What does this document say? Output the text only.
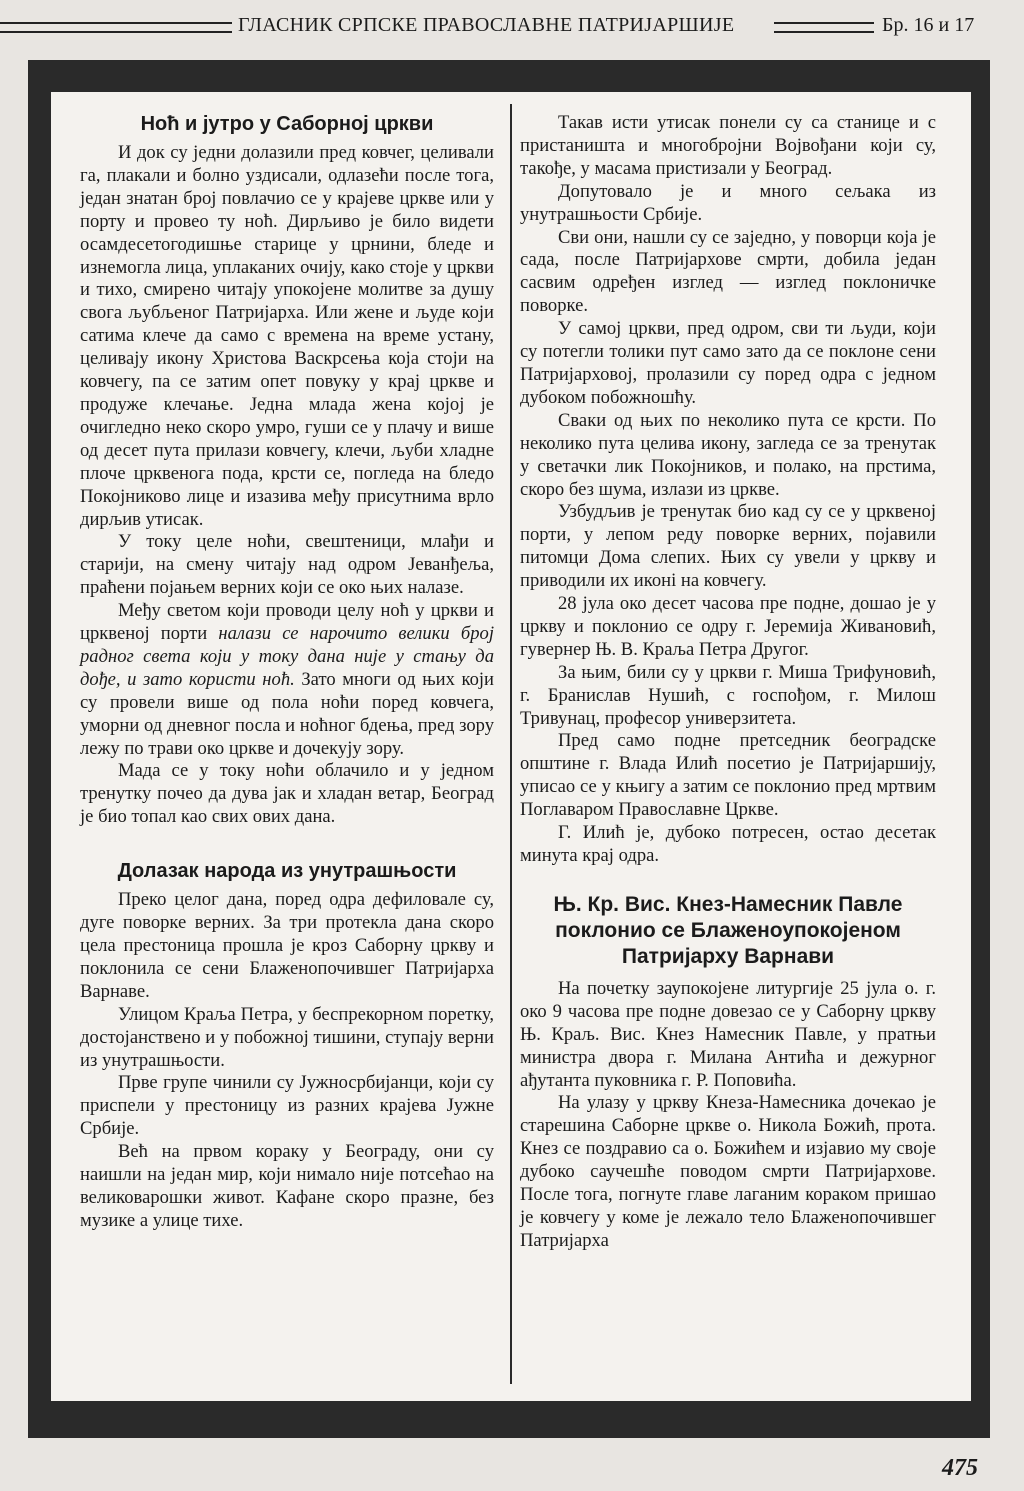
ГЛАСНИК СРПСКЕ ПРАВОСЛАВНЕ ПАТРИЈАРШИЈЕ	Бр. 16 и 17
Ноћ и јутро у Саборној цркви

И док су једни долазили пред ковчег, целивали га, плакали и болно уздисали, одлазећи после тога, један знатан број повлачио се у крајеве цркве или у порту и провео ту ноћ. Дирљиво је било видети осамдесетогодишње старице у црнини, бледе и изнемогла лица, уплаканих очију, како стоје у цркви и тихо, смирено читају упокојене молитве за душу свога љубљеног Патријарха. Или жене и људе који сатима клече да само с времена на време устану, целивају икону Христова Васкрсења која стоји на ковчегу, па се затим опет повуку у крај цркве и продуже клечање. Једна млада жена којој је очигледно неко скоро умро, гуши се у плачу и више од десет пута прилази ковчегу, клечи, љуби хладне плоче црквенога пода, крсти се, погледа на бледо Покојниково лице и изазива међу присутнима врло дирљив утисак.

У току целе ноћи, свештеници, млађи и старији, на смену читају над одром Јеванђеља, праћени појањем верних који се око њих налазе.

Међу светом који проводи целу ноћ у цркви и црквеној порти налази се нарочито велики број радног света који у току дана није у стању да дође, и зато користи ноћ. Зато многи од њих који су провели више од пола ноћи поред ковчега, уморни од дневног посла и ноћног бдења, пред зору лежу по трави око цркве и дочекују зору.

Мада се у току ноћи облачило и у једном тренутку почео да дува јак и хладан ветар, Београд је био топал као свих ових дана.

Долазак народа из унутрашњости

Преко целог дана, поред одра дефиловале су, дуге поворке верних. За три протекла дана скоро цела престоница прошла је кроз Саборну цркву и поклонила се сени Блаженопочившег Патријарха Варнаве.

Улицом Краља Петра, у беспрекорном поретку, достојанствено и у побожној тишини, ступају верни из унутрашњости.

Прве групе чинили су Јужносрбијанци, који су приспели у престоницу из разних крајева Јужне Србије.

Већ на првом кораку у Београду, они су наишли на један мир, који нимало није потсећао на великоварошки живот. Кафане скоро празне, без музике а улице тихе.

Такав исти утисак понели су са станице и с пристаништа и многобројни Војвођани који су, такође, у масама пристизали у Београд.

Допутовало је и много сељака из унутрашњости Србије.

Сви они, нашли су се заједно, у поворци која је сада, после Патријархове смрти, добила један сасвим одређен изглед — изглед поклоничке поворке.

У самој цркви, пред одром, сви ти људи, који су потегли толики пут само зато да се поклоне сени Патријарховој, пролазили су поред одра с једном дубоком побожношћу.

Сваки од њих по неколико пута се крсти. По неколико пута целива икону, загледа се за тренутак у светачки лик Покојников, и полако, на прстима, скоро без шума, излази из цркве.

Узбудљив је тренутак био кад су се у црквеној порти, у лепом реду поворке верних, појавили питомци Дома слепих. Њих су увели у цркву и приводили их иконі на ковчегу.

28 јула око десет часова пре подне, дошао је у цркву и поклонио се одру г. Јеремија Живановић, гувернер Њ. В. Краља Петра Другог.

За њим, били су у цркви г. Миша Трифуновић, г. Бранислав Нушић, с госпођом, г. Милош Тривунац, професор универзитета.

Пред само подне претседник београдске општине г. Влада Илић посетио је Патријаршију, уписао се у књигу а затим се поклонио пред мртвим Поглаваром Православне Цркве.

Г. Илић је, дубоко потресен, остао десетак минута крај одра.

Њ. Кр. Вис. Кнез-Намесник Павле поклонио се Блаженоупокојеном Патријарху Варнави

На почетку заупокојене литургије 25 јула о. г. око 9 часова пре подне довезао се у Саборну цркву Њ. Краљ. Вис. Кнез Намесник Павле, у пратњи министра двора г. Милана Антића и дежурног ађутанта пуковника г. Р. Поповића.

На улазу у цркву Кнеза-Намесника дочекао је старешина Саборне цркве о. Никола Божић, прота. Кнез се поздравио са о. Божићем и изјавио му своје дубоко саучешће поводом смрти Патријархове. После тога, погнуте главе лаганим кораком пришао је ковчегу у коме је лежало тело Блаженопочившег Патријарха

475
